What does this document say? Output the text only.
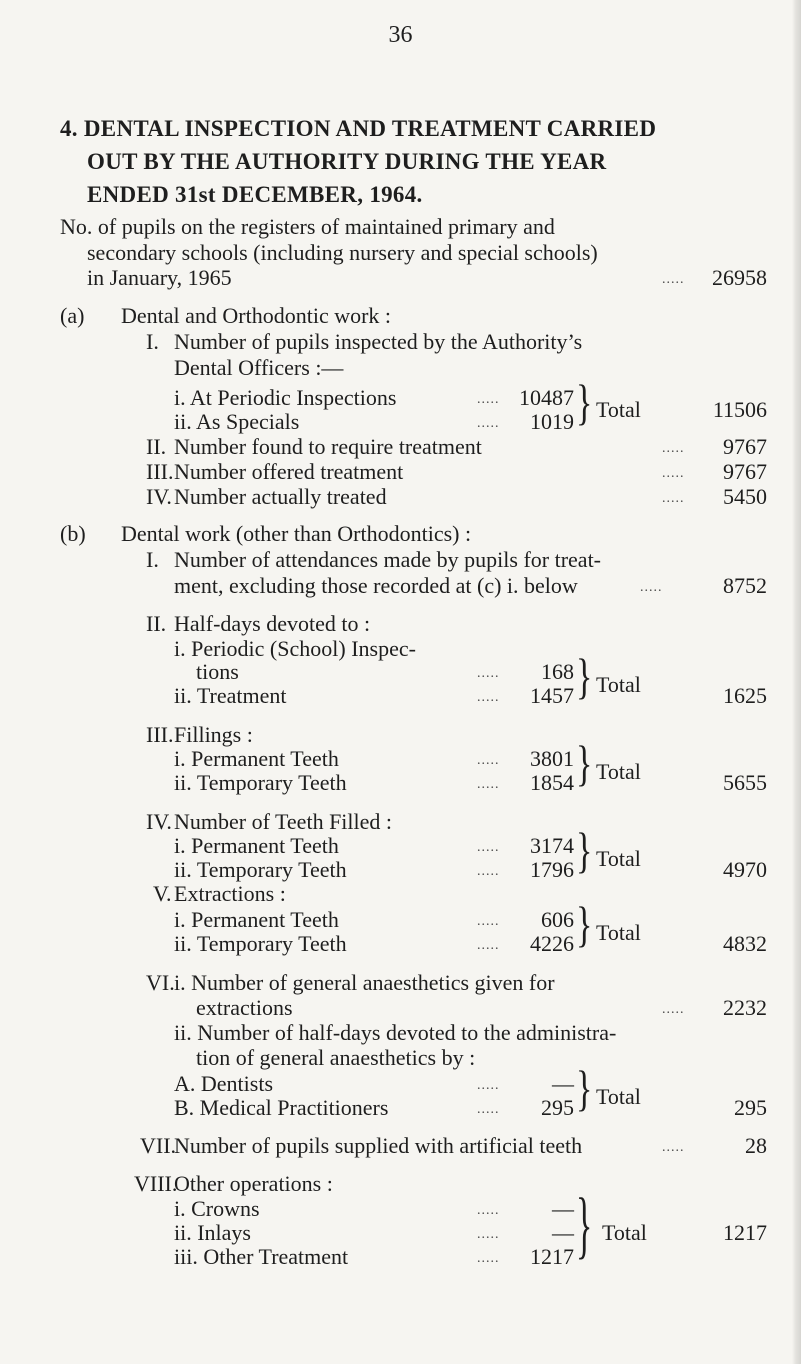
36
4. DENTAL INSPECTION AND TREATMENT CARRIED
OUT BY THE AUTHORITY DURING THE YEAR
ENDED 31st DECEMBER, 1964.
No. of pupils on the registers of maintained primary and
secondary schools (including nursery and special schools)
in January, 1965	.....	26958
(a) Dental and Orthodontic work :
I. Number of pupils inspected by the Authority’s
Dental Officers :—
i. At Periodic Inspections	..... 10487
ii. As Specials	.....	1019 } Total	11506
II. Number found to require treatment	.....	9767
III. Number offered treatment	.....	9767
IV. Number actually treated	.....	5450
(b) Dental work (other than Orthodontics) :
I. Number of attendances made by pupils for treat-
ment, excluding those recorded at (c) i. below	.....	8752
II. Half-days devoted to :
i. Periodic (School) Inspec-
tions	.....	168
ii. Treatment	.....	1457 } Total	1625
III. Fillings :
i. Permanent Teeth	.....	3801
ii. Temporary Teeth	.....	1854 } Total	5655
IV. Number of Teeth Filled :
i. Permanent Teeth	.....	3174
ii. Temporary Teeth	.....	1796 } Total	4970
V. Extractions :
i. Permanent Teeth	.....	606
ii. Temporary Teeth	.....	4226 } Total	4832
VI. i. Number of general anaesthetics given for
extractions	.....	2232
ii. Number of half-days devoted to the administra-
tion of general anaesthetics by :
A. Dentists	.....	—
B. Medical Practitioners	.....	295 } Total	295
VII.
Number of pupils supplied with artificial teeth	.....	28
VIII.
Other operations :
i. Crowns	.....	—
ii. Inlays	.....	—
iii. Other Treatment	.....	1217 } Total	1217
